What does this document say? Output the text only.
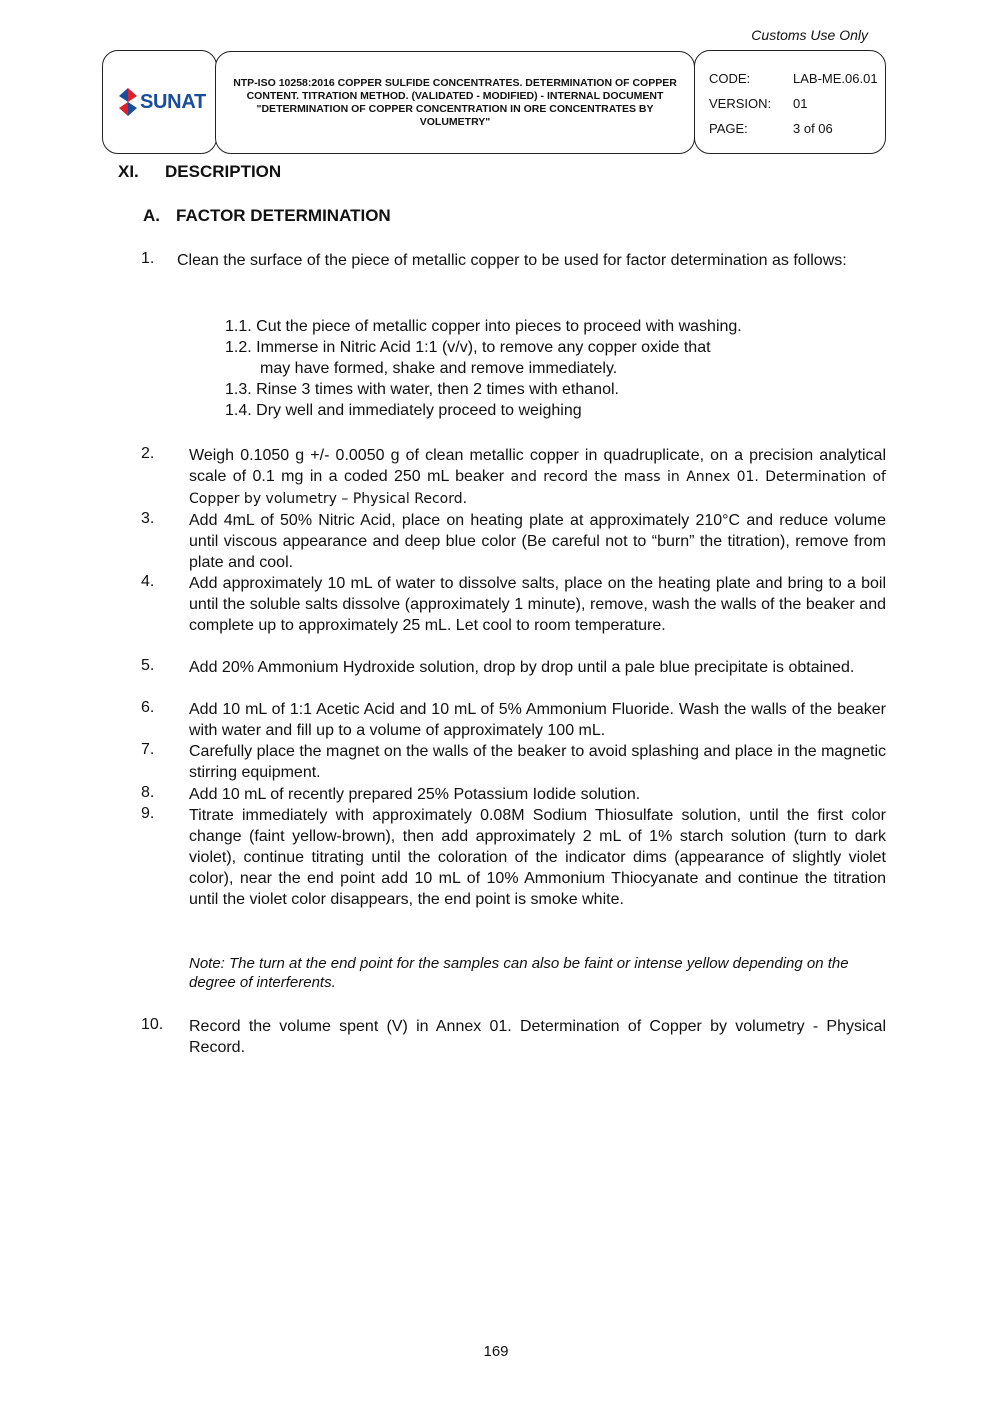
Customs Use Only
SUNAT
NTP-ISO 10258:2016 COPPER SULFIDE CONCENTRATES. DETERMINATION OF COPPER CONTENT. TITRATION METHOD. (VALIDATED - MODIFIED) - INTERNAL DOCUMENT "DETERMINATION OF COPPER CONCENTRATION IN ORE CONCENTRATES BY VOLUMETRY"
CODE:	LAB-ME.06.01
VERSION: 01
PAGE:	3 of 06
XI. DESCRIPTION
A. FACTOR DETERMINATION
1. Clean the surface of the piece of metallic copper to be used for factor determination as follows:
1.1. Cut the piece of metallic copper into pieces to proceed with washing.
1.2. Immerse in Nitric Acid 1:1 (v/v), to remove any copper oxide that
may have formed, shake and remove immediately.
1.3. Rinse 3 times with water, then 2 times with ethanol.
1.4. Dry well and immediately proceed to weighing
2. Weigh 0.1050 g +/- 0.0050 g of clean metallic copper in quadruplicate, on a precision analytical scale of 0.1 mg in a coded 250 mL beaker and record the mass in Annex 01. Determination of Copper by volumetry – Physical Record.
3. Add 4mL of 50% Nitric Acid, place on heating plate at approximately 210°C and reduce volume until viscous appearance and deep blue color (Be careful not to “burn” the titration), remove from plate and cool.
4. Add approximately 10 mL of water to dissolve salts, place on the heating plate and bring to a boil until the soluble salts dissolve (approximately 1 minute), remove, wash the walls of the beaker and complete up to approximately 25 mL. Let cool to room temperature.
5. Add 20% Ammonium Hydroxide solution, drop by drop until a pale blue precipitate is obtained.
6. Add 10 mL of 1:1 Acetic Acid and 10 mL of 5% Ammonium Fluoride. Wash the walls of the beaker with water and fill up to a volume of approximately 100 mL.
7. Carefully place the magnet on the walls of the beaker to avoid splashing and place in the magnetic stirring equipment.
8. Add 10 mL of recently prepared 25% Potassium Iodide solution.
9. Titrate immediately with approximately 0.08M Sodium Thiosulfate solution, until the first color change (faint yellow-brown), then add approximately 2 mL of 1% starch solution (turn to dark violet), continue titrating until the coloration of the indicator dims (appearance of slightly violet color), near the end point add 10 mL of 10% Ammonium Thiocyanate and continue the titration until the violet color disappears, the end point is smoke white.
Note: The turn at the end point for the samples can also be faint or intense yellow depending on the degree of interferents.
10. Record the volume spent (V) in Annex 01. Determination of Copper by volumetry - Physical Record.
169
